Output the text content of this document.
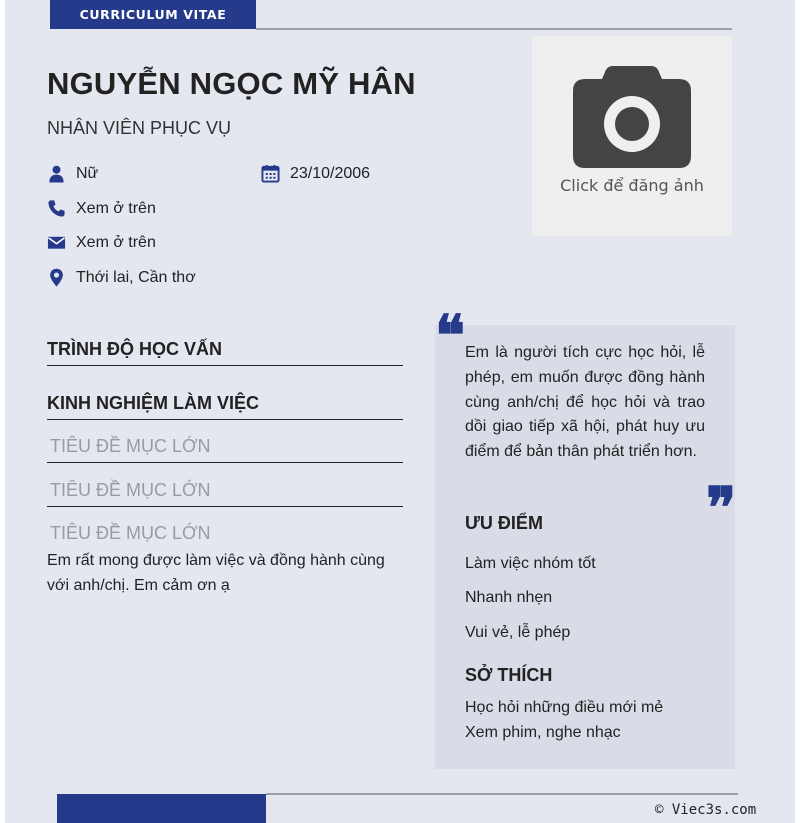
CURRICULUM VITAE
NGUYỄN NGỌC MỸ HÂN
NHÂN VIÊN PHỤC VỤ
Nữ	23/10/2006
Xem ở trên
Xem ở trên
Thới lai, Cần thơ
Click để đăng ảnh
TRÌNH ĐỘ HỌC VẤN
KINH NGHIỆM LÀM VIỆC
TIÊU ĐỀ MỤC LỚN
TIÊU ĐỀ MỤC LỚN
TIÊU ĐỀ MỤC LỚN
Em rất mong được làm việc và đồng hành cùng với anh/chị. Em cảm ơn ạ
❝ Em là người tích cực học hỏi, lễ phép, em muốn được đồng hành cùng anh/chị để học hỏi và trao dồi giao tiếp xã hội, phát huy ưu điểm để bản thân phát triển hơn.
❞
ƯU ĐIỂM
Làm việc nhóm tốt
Nhanh nhẹn
Vui vẻ, lễ phép
SỞ THÍCH
Học hỏi những điều mới mẻ
Xem phim, nghe nhạc
© Viec3s.com
